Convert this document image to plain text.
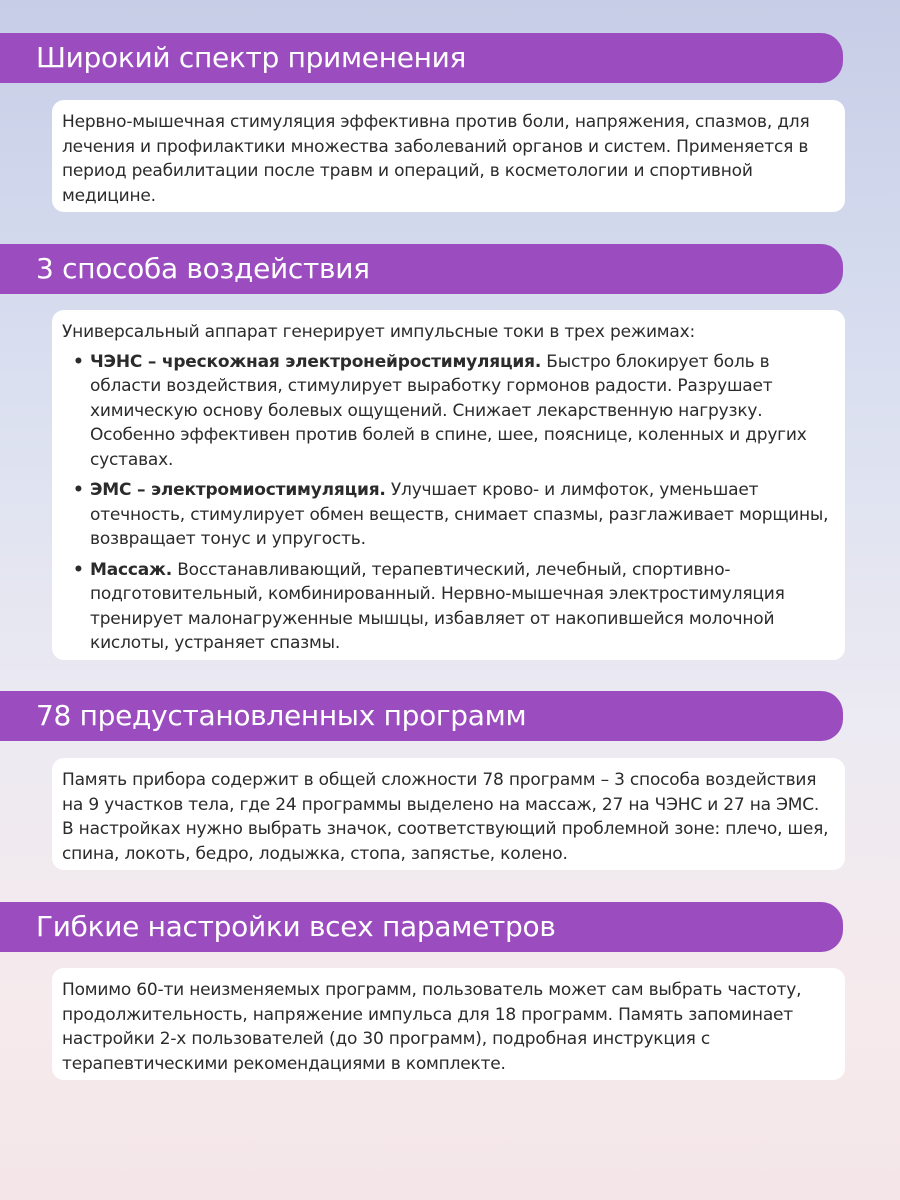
Широкий спектр применения

Нервно-мышечная стимуляция эффективна против боли, напряжения, спазмов, для лечения и профилактики множества заболеваний органов и систем. Применяется в период реабилитации после травм и операций, в косметологии и спортивной медицине.

3 способа воздействия

Универсальный аппарат генерирует импульсные токи в трех режимах:

• ЧЭНС – чрескожная электронейростимуляция. Быстро блокирует боль в области воздействия, стимулирует выработку гормонов радости. Разрушает химическую основу болевых ощущений. Снижает лекарственную нагрузку. Особенно эффективен против болей в спине, шее, пояснице, коленных и других суставах.
• ЭМС – электромиостимуляция. Улучшает крово- и лимфоток, уменьшает отечность, стимулирует обмен веществ, снимает спазмы, разглаживает морщины, возвращает тонус и упругость.
• Массаж. Восстанавливающий, терапевтический, лечебный, спортивно-подготовительный, комбинированный. Нервно-мышечная электростимуляция тренирует малонагруженные мышцы, избавляет от накопившейся молочной кислоты, устраняет спазмы.
78 предустановленных программ

Память прибора содержит в общей сложности 78 программ – 3 способа воздействия на 9 участков тела, где 24 программы выделено на массаж, 27 на ЧЭНС и 27 на ЭМС. В настройках нужно выбрать значок, соответствующий проблемной зоне: плечо, шея, спина, локоть, бедро, лодыжка, стопа, запястье, колено.

Гибкие настройки всех параметров

Помимо 60-ти неизменяемых программ, пользователь может сам выбрать частоту, продолжительность, напряжение импульса для 18 программ. Память запоминает настройки 2-х пользователей (до 30 программ), подробная инструкция с терапевтическими рекомендациями в комплекте.
